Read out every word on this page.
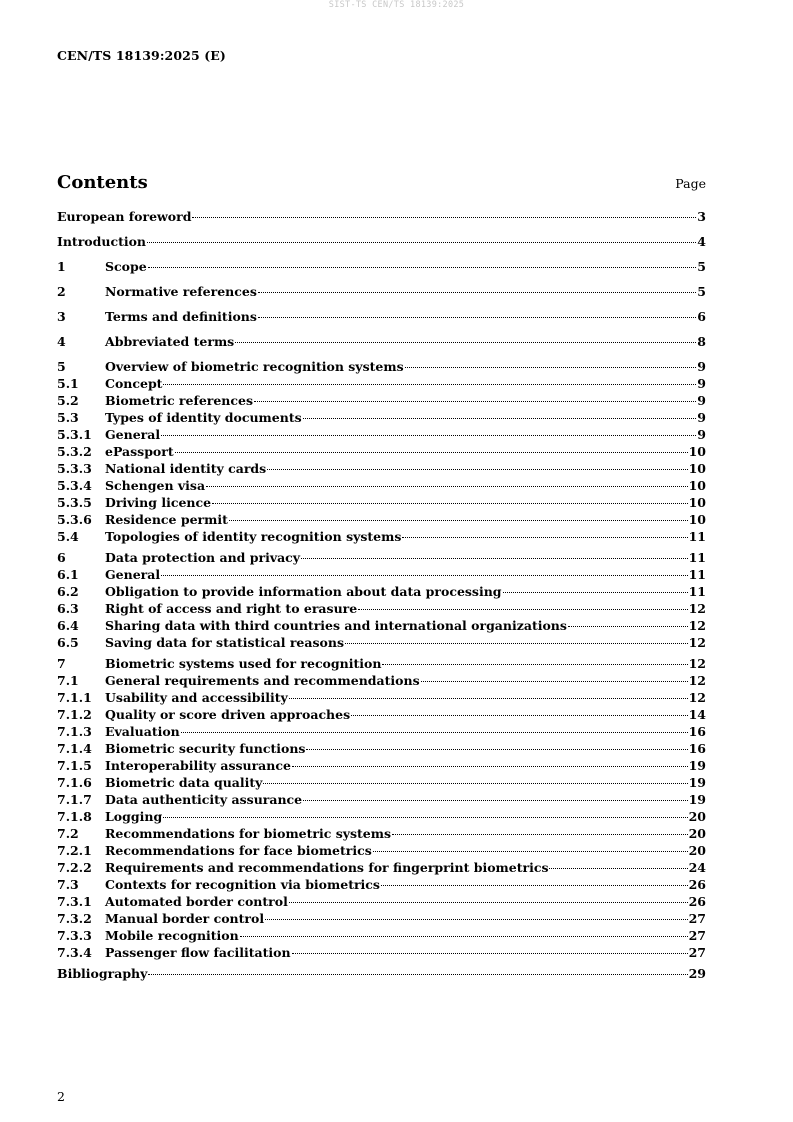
SIST-TS CEN/TS 18139:2025
CEN/TS 18139:2025 (E)
Contents	Page
European foreword	3
Introduction	4
1	Scope	5
2	Normative references	5
3	Terms and definitions	6
4	Abbreviated terms	8
5	Overview of biometric recognition systems	9
5.1	Concept	9
5.2	Biometric references	9
5.3	Types of identity documents	9
5.3.1	General	9
5.3.2	ePassport	10
5.3.3	National identity cards	10
5.3.4	Schengen visa	10
5.3.5	Driving licence	10
5.3.6	Residence permit	10
5.4	Topologies of identity recognition systems	11
6	Data protection and privacy	11
6.1	General	11
6.2	Obligation to provide information about data processing	11
6.3	Right of access and right to erasure	12
6.4	Sharing data with third countries and international organizations	12
6.5	Saving data for statistical reasons	12
7	Biometric systems used for recognition	12
7.1	General requirements and recommendations	12
7.1.1	Usability and accessibility	12
7.1.2	Quality or score driven approaches	14
7.1.3	Evaluation	16
7.1.4	Biometric security functions	16
7.1.5	Interoperability assurance	19
7.1.6	Biometric data quality	19
7.1.7	Data authenticity assurance	19
7.1.8	Logging	20
7.2	Recommendations for biometric systems	20
7.2.1	Recommendations for face biometrics	20
7.2.2	Requirements and recommendations for fingerprint biometrics	24
7.3	Contexts for recognition via biometrics	26
7.3.1	Automated border control	26
7.3.2	Manual border control	27
7.3.3	Mobile recognition	27
7.3.4	Passenger flow facilitation	27
Bibliography	29
2
